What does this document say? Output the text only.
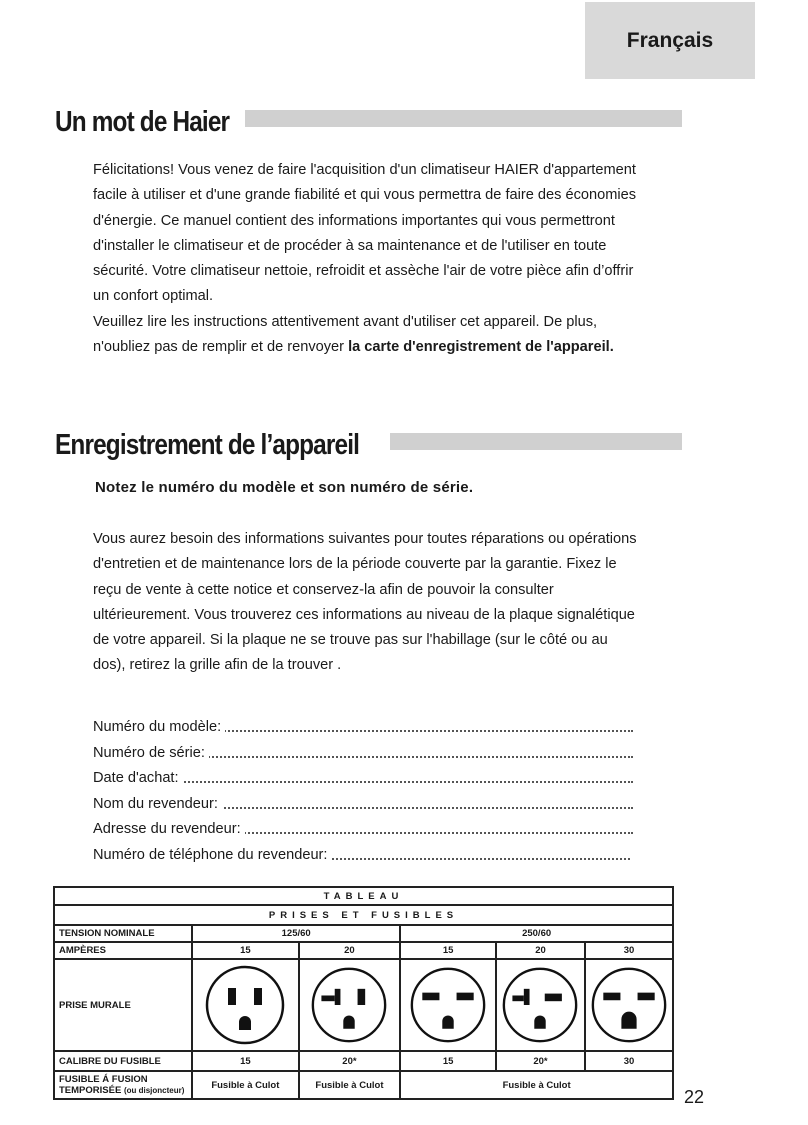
Français
Un mot de Haier
Félicitations! Vous venez de faire l'acquisition d'un climatiseur HAIER d'appartement facile à utiliser et d'une grande fiabilité et qui vous permettra de faire des économies d'énergie. Ce manuel contient des informations importantes qui vous permettront d'installer le climatiseur et de procéder à sa maintenance et de l'utiliser en toute sécurité. Votre climatiseur nettoie, refroidit et assèche l'air de votre pièce afin d’offrir un confort optimal.
Veuillez lire les instructions attentivement avant d'utiliser cet appareil. De plus, n'oubliez pas de remplir et de renvoyer la carte d'enregistrement de l'appareil.
Enregistrement de l’appareil
Notez le numéro du modèle et son numéro de série.
Vous aurez besoin des informations suivantes pour toutes réparations ou opérations d'entretien et de maintenance lors de la période couverte par la garantie. Fixez le reçu de vente à cette notice et conservez-la afin de pouvoir la consulter ultérieurement. Vous trouverez ces informations au niveau de la plaque signalétique de votre appareil. Si la plaque ne se trouve pas sur l'habillage (sur le côté ou au dos), retirez la grille afin de la trouver .
Numéro du modèle:
Numéro de série:
Date d'achat:
Nom du revendeur:
Adresse du revendeur:
Numéro de téléphone du revendeur:
TABLEAU					
PRISES ET FUSIBLES					
TENSION NOMINALE	125/60		250/60		
AMPÈRES	15	20	15	20	30
PRISE MURALE	

CALIBRE DU FUSIBLE	15	20*	15	20*	30
FUSIBLE Á FUSION
TEMPORISÉE (ou disjoncteur)	Fusible à Culot	Fusible à Culot	Fusible à Culot		
22
